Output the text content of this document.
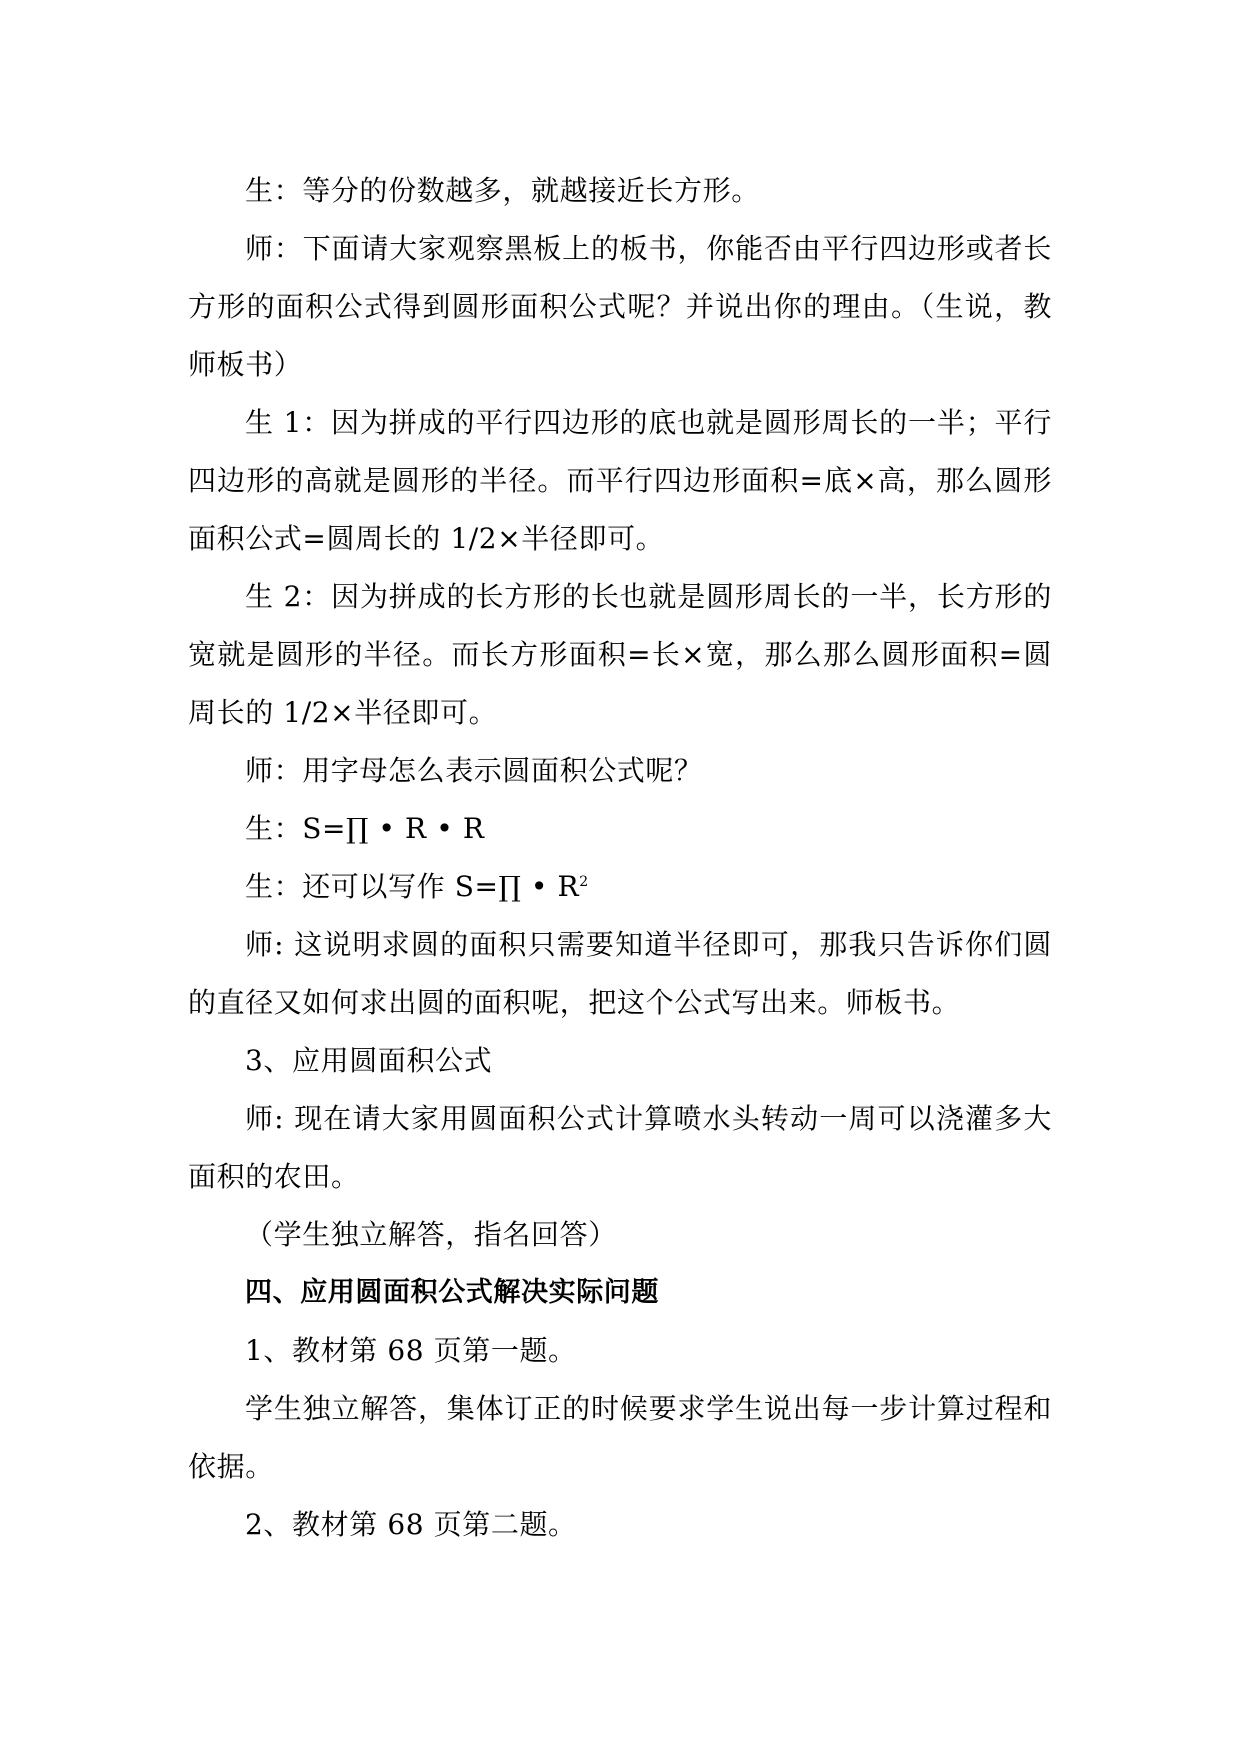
生：等分的份数越多，就越接近长方形。

师：下面请大家观察黑板上的板书，你能否由平行四边形或者长方形的面积公式得到圆形面积公式呢？并说出你的理由。（生说，教师板书）

生 1：因为拼成的平行四边形的底也就是圆形周长的一半；平行四边形的高就是圆形的半径。而平行四边形面积=底×高，那么圆形面积公式=圆周长的 1/2×半径即可。

生 2：因为拼成的长方形的长也就是圆形周长的一半，长方形的宽就是圆形的半径。而长方形面积=长×宽，那么那么圆形面积=圆周长的 1/2×半径即可。

师：用字母怎么表示圆面积公式呢？

生：S=∏ • R • R

生：还可以写作 S=∏ • $R^2$

师: 这说明求圆的面积只需要知道半径即可，那我只告诉你们圆的直径又如何求出圆的面积呢，把这个公式写出来。师板书。

3、应用圆面积公式

师: 现在请大家用圆面积公式计算喷水头转动一周可以浇灌多大面积的农田。

（学生独立解答，指名回答）

四、应用圆面积公式解决实际问题

1、教材第 68 页第一题。

学生独立解答，集体订正的时候要求学生说出每一步计算过程和依据。

2、教材第 68 页第二题。
